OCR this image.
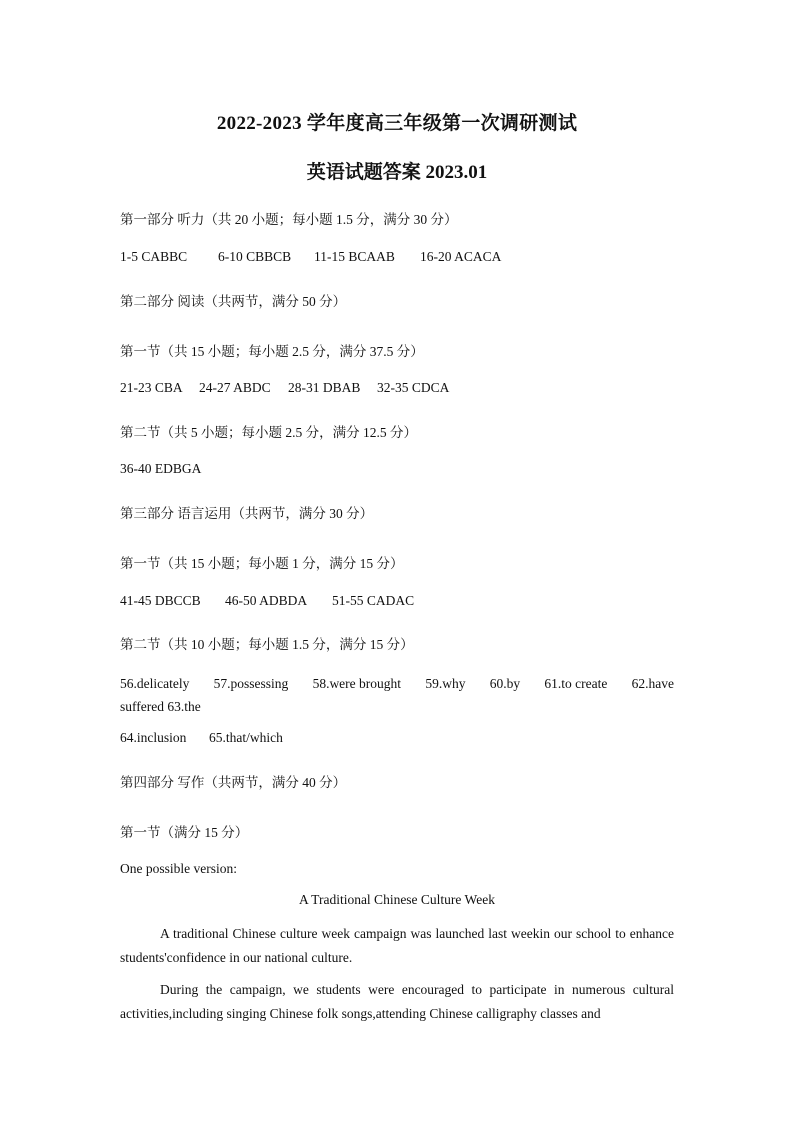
2022-2023 学年度高三年级第一次调研测试
英语试题答案 2023.01
第一部分 听力（共 20 小题；每小题 1.5 分，满分 30 分）
1-5 CABBC 6-10 CBBCB 11-15 BCAAB 16-20 ACACA
第二部分 阅读（共两节，满分 50 分）
第一节（共 15 小题；每小题 2.5 分，满分 37.5 分）
21-23 CBA 24-27 ABDC 28-31 DBAB 32-35 CDCA
第二节（共 5 小题；每小题 2.5 分，满分 12.5 分）
36-40 EDBGA
第三部分 语言运用（共两节，满分 30 分）
第一节（共 15 小题；每小题 1 分，满分 15 分）
41-45 DBCCB 46-50 ADBDA 51-55 CADAC
第二节（共 10 小题；每小题 1.5 分，满分 15 分）
56.delicately 57.possessing 58.were brought 59.why 60.by 61.to create 62.have
suffered 63.the
64.inclusion 65.that/which
第四部分 写作（共两节，满分 40 分）
第一节（满分 15 分）
One possible version:
A Traditional Chinese Culture Week
A traditional Chinese culture week campaign was launched last weekin our school to enhance students'confidence in our national culture.
During the campaign, we students were encouraged to participate in numerous cultural activities,including singing Chinese folk songs,attending Chinese calligraphy classes and
